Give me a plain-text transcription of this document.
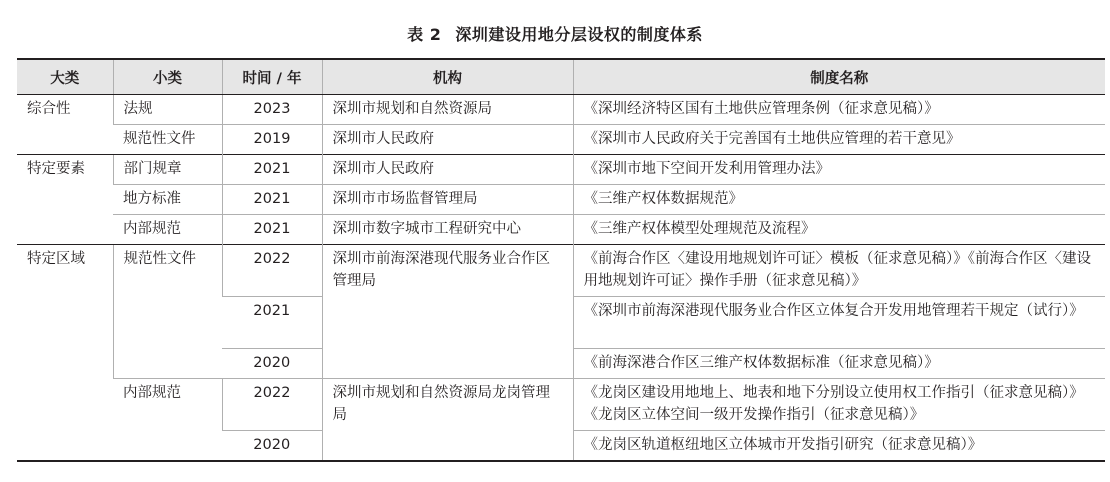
表 2 深圳建设用地分层设权的制度体系
大类	小类	时间 / 年	机构	制度名称
综合性	法规	2023	深圳市规划和自然资源局	《深圳经济特区国有土地供应管理条例（征求意见稿）》
	规范性文件	2019	深圳市人民政府	《深圳市人民政府关于完善国有土地供应管理的若干意见》
特定要素	部门规章	2021	深圳市人民政府	《深圳市地下空间开发利用管理办法》
	地方标准	2021	深圳市市场监督管理局	《三维产权体数据规范》
	内部规范	2021	深圳市数字城市工程研究中心	《三维产权体模型处理规范及流程》
特定区域	规范性文件	2022	深圳市前海深港现代服务业合作区管理局	《前海合作区〈建设用地规划许可证〉模板（征求意见稿）》《前海合作区〈建设用地规划许可证〉操作手册（征求意见稿）》
		2021		《深圳市前海深港现代服务业合作区立体复合开发用地管理若干规定（试行）》
		2020		《前海深港合作区三维产权体数据标准（征求意见稿）》
	内部规范	2022	深圳市规划和自然资源局龙岗管理局	《龙岗区建设用地地上、地表和地下分别设立使用权工作指引（征求意见稿）》《龙岗区立体空间一级开发操作指引（征求意见稿）》
		2020		《龙岗区轨道枢纽地区立体城市开发指引研究（征求意见稿）》
